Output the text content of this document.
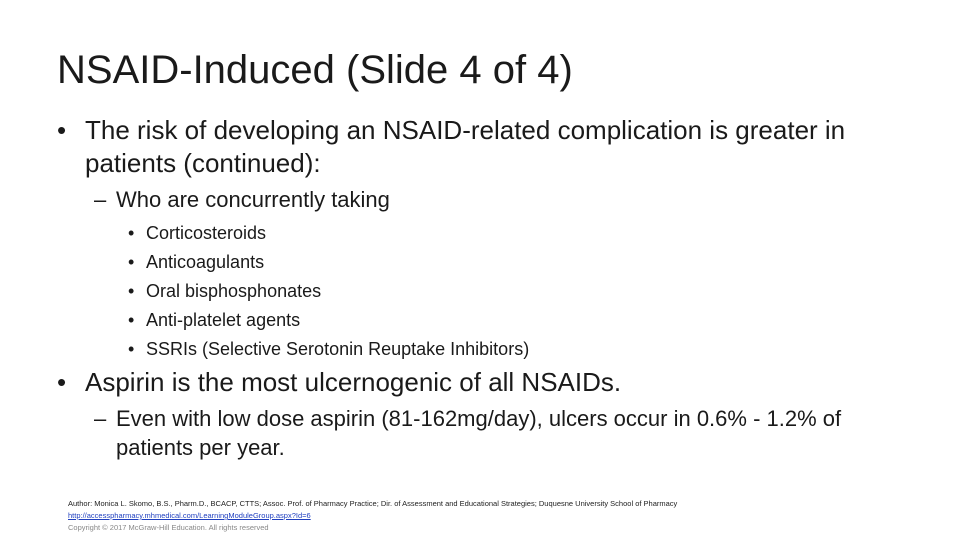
NSAID-Induced (Slide 4 of 4)
• The risk of developing an NSAID-related complication is greater in patients (continued):
– Who are concurrently taking
• Corticosteroids
• Anticoagulants
• Oral bisphosphonates
• Anti-platelet agents
• SSRIs (Selective Serotonin Reuptake Inhibitors)
• Aspirin is the most ulcernogenic of all NSAIDs.
– Even with low dose aspirin (81-162mg/day), ulcers occur in 0.6% - 1.2% of patients per year.
Author: Monica L. Skomo, B.S., Pharm.D., BCACP, CTTS; Assoc. Prof. of Pharmacy Practice; Dir. of Assessment and Educational Strategies; Duquesne University School of Pharmacy
http://accesspharmacy.mhmedical.com/LearningModuleGroup.aspx?Id=6
Copyright © 2017 McGraw-Hill Education. All rights reserved
